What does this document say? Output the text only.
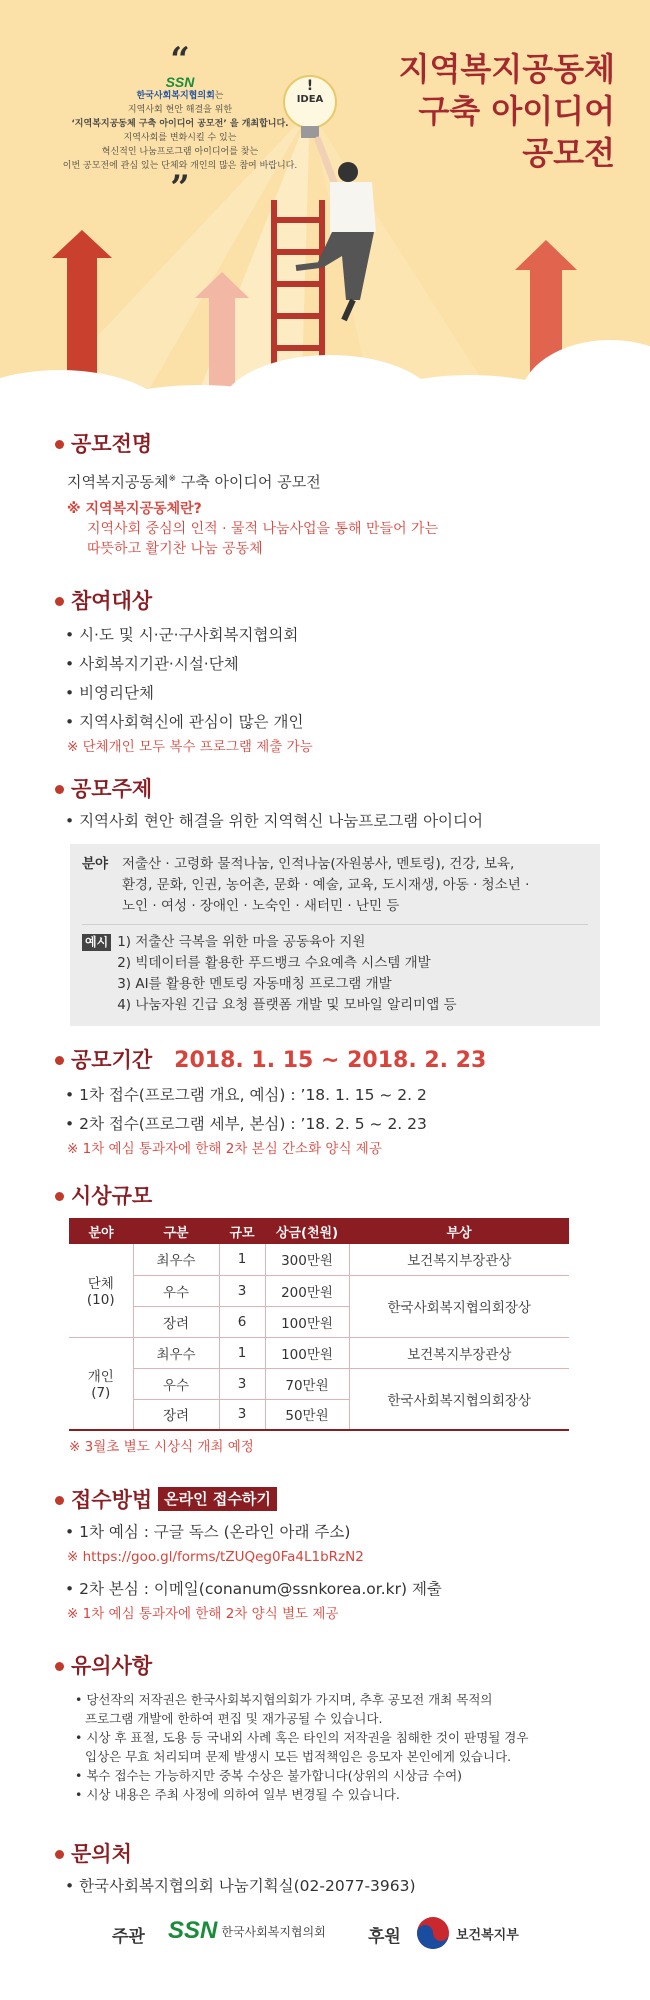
“
SSN
한국사회복지협의회는
지역사회 현안 해결을 위한
‘지역복지공동체 구축 아이디어 공모전’ 을 개최합니다.
지역사회를 변화시킬 수 있는
혁신적인 나눔프로그램 아이디어를 찾는
이번 공모전에 관심 있는 단체와 개인의 많은 참여 바랍니다.
”
!
IDEA
지역복지공동체
구축 아이디어
공모전
공모전명
지역복지공동체※ 구축 아이디어 공모전
※ 지역복지공동체란?
지역사회 중심의 인적 · 물적 나눔사업을 통해 만들어 가는
따뜻하고 활기찬 나눔 공동체
참여대상
• 시·도 및 시·군·구사회복지협의회
• 사회복지기관·시설·단체
• 비영리단체
• 지역사회혁신에 관심이 많은 개인
※ 단체개인 모두 복수 프로그램 제출 가능
공모주제
• 지역사회 현안 해결을 위한 지역혁신 나눔프로그램 아이디어
분야	저출산 · 고령화 물적나눔, 인적나눔(자원봉사, 멘토링), 건강, 보육,
환경, 문화, 인권, 농어촌, 문화 · 예술, 교육, 도시재생, 아동 · 청소년 ·
노인 · 여성 · 장애인 · 노숙인 · 새터민 · 난민 등
예시 1) 저출산 극복을 위한 마을 공동육아 지원
2) 빅데이터를 활용한 푸드뱅크 수요예측 시스템 개발
3) AI를 활용한 멘토링 자동매칭 프로그램 개발
4) 나눔자원 긴급 요청 플랫폼 개발 및 모바일 알리미앱 등
공모기간 2018. 1. 15 ~ 2018. 2. 23
• 1차 접수(프로그램 개요, 예심) : ’18. 1. 15 ~ 2. 2
• 2차 접수(프로그램 세부, 본심) : ’18. 2. 5 ~ 2. 23
※ 1차 예심 통과자에 한해 2차 본심 간소화 양식 제공
시상규모
분야	구분	규모	상금(천원)	부상

단체
(10)	최우수	1	300만원	보건복지부장관상
	우수	3	200만원	한국사회복지협의회장상
	장려	6	100만원	

개인
(7)	최우수	1	100만원	보건복지부장관상
	우수	3	70만원	한국사회복지협의회장상
	장려	3	50만원	
※ 3월초 별도 시상식 개최 예정
접수방법 온라인 접수하기
• 1차 예심 : 구글 독스 (온라인 아래 주소)
※ https://goo.gl/forms/tZUQeg0Fa4L1bRzN2
• 2차 본심 : 이메일(conanum@ssnkorea.or.kr) 제출
※ 1차 예심 통과자에 한해 2차 양식 별도 제공
유의사항
• 당선작의 저작권은 한국사회복지협의회가 가지며, 추후 공모전 개최 목적의
프로그램 개발에 한하여 편집 및 재가공될 수 있습니다.
• 시상 후 표절, 도용 등 국내외 사례 혹은 타인의 저작권을 침해한 것이 판명될 경우
입상은 무효 처리되며 문제 발생시 모든 법적책임은 응모자 본인에게 있습니다.
• 복수 접수는 가능하지만 중복 수상은 불가합니다(상위의 시상금 수여)
• 시상 내용은 주최 사정에 의하여 일부 변경될 수 있습니다.
문의처
• 한국사회복지협의회 나눔기획실(02-2077-3963)
주관 SSN 한국사회복지협의회 후원	보건복지부
